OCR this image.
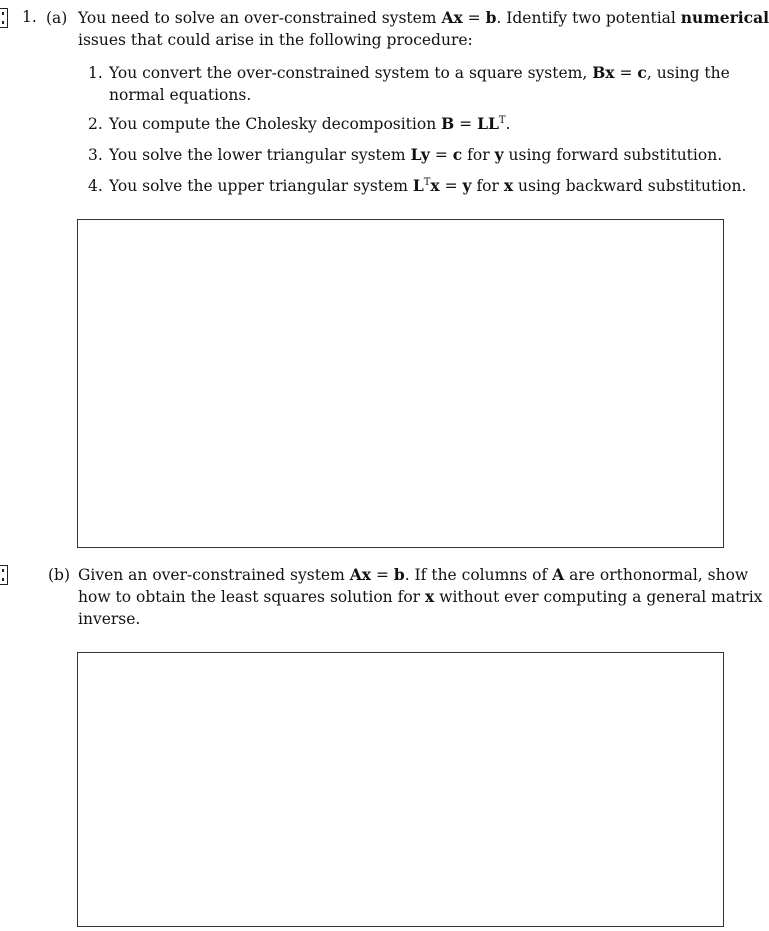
1. (a) You need to solve an over-constrained system Ax = b. Identify two potential numerical
issues that could arise in the following procedure:
1. You convert the over-constrained system to a square system, Bx = c, using the
normal equations.
2. You compute the Cholesky decomposition $B = LL^T$.
3. You solve the lower triangular system Ly = c for y using forward substitution.
4. You solve the upper triangular system $L^Tx = y$ for x using backward substitution.
(b) Given an over-constrained system Ax = b. If the columns of A are orthonormal, show
how to obtain the least squares solution for x without ever computing a general matrix
inverse.
